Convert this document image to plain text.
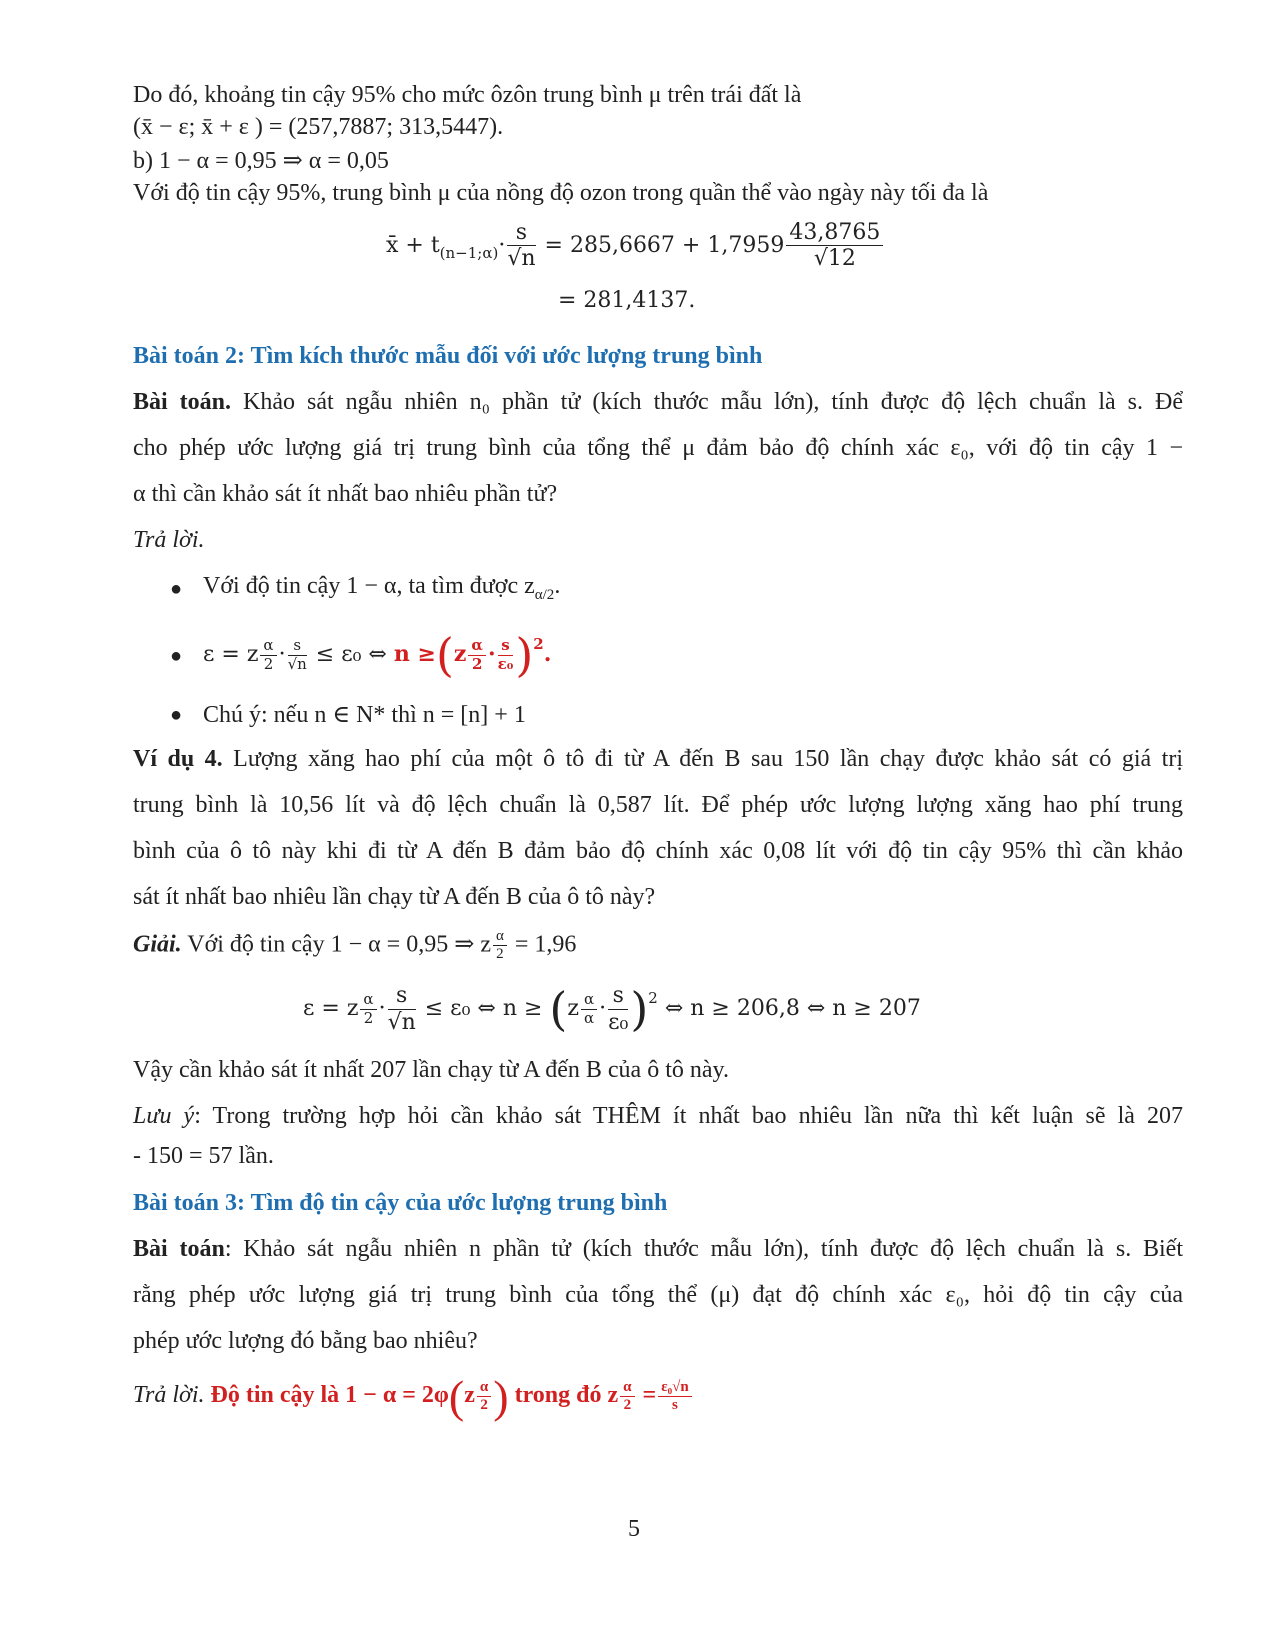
Do đó, khoảng tin cậy 95% cho mức ôzôn trung bình μ trên trái đất là
(x̄ − ε; x̄ + ε ) = (257,7887; 313,5447).
b) 1 − α = 0,95 ⇒ α = 0,05
Với độ tin cậy 95%, trung bình μ của nồng độ ozon trong quần thể vào ngày này tối đa là
x̄ + $t_{(n-1;\alpha)}\cdot \frac{s}{√n} = 285,6667 + 1,7959 \frac{43,8765}{√12}$
= 281,4137.
Bài toán 2: Tìm kích thước mẫu đối với ước lượng trung bình
Bài toán. Khảo sát ngẫu nhiên n₀ phần tử (kích thước mẫu lớn), tính được độ lệch chuẩn là s. Để
cho phép ước lượng giá trị trung bình của tổng thể μ đảm bảo độ chính xác ε₀, với độ tin cậy 1 −
α thì cần khảo sát ít nhất bao nhiêu phần tử?
Trả lời.
● Với độ tin cậy 1 − α, ta tìm được $z_{\alpha/2}$.
● ε = z $\frac{\alpha}{2} \cdot \frac{s}{√n} \le \varepsilon_0$ ⇔ $n \ge(z \frac{\alpha}{2} \cdot \frac{s}{\text{ε₀}} )^2$.
● Chú ý: nếu n ∈ N* thì n = [n] + 1
Ví dụ 4. Lượng xăng hao phí của một ô tô đi từ A đến B sau 150 lần chạy được khảo sát có giá trị
trung bình là 10,56 lít và độ lệch chuẩn là 0,587 lít. Để phép ước lượng lượng xăng hao phí trung
bình của ô tô này khi đi từ A đến B đảm bảo độ chính xác 0,08 lít với độ tin cậy 95% thì cần khảo
sát ít nhất bao nhiêu lần chạy từ A đến B của ô tô này?
Giải. Với độ tin cậy 1 − α = 0,95 ⇒ z $\frac{\alpha}{2} = 1,96$
ε = z $\frac{\alpha}{2} \cdot \frac{s}{√n} \le \varepsilon_0$ ⇔ $n \ge (z \frac{\alpha}{\alpha} \cdot \frac{s}{\text{ε₀}} )^2$ ⇔ n ≥ 206,8 ⇔ n ≥ 207
Vậy cần khảo sát ít nhất 207 lần chạy từ A đến B của ô tô này.
Lưu ý: Trong trường hợp hỏi cần khảo sát THÊM ít nhất bao nhiêu lần nữa thì kết luận sẽ là 207
- 150 = 57 lần.
Bài toán 3: Tìm độ tin cậy của ước lượng trung bình
Bài toán: Khảo sát ngẫu nhiên n phần tử (kích thước mẫu lớn), tính được độ lệch chuẩn là s. Biết
rằng phép ước lượng giá trị trung bình của tổng thể (μ) đạt độ chính xác ε₀, hỏi độ tin cậy của
phép ước lượng đó bằng bao nhiêu?
Trả lời. Độ tin cậy là $1 - \alpha = 2\varphi(z \frac{\alpha}{2}$ ) trong đó z $\frac{\alpha}{2} = \frac{\text{ε₀√n}}{s}$
5
